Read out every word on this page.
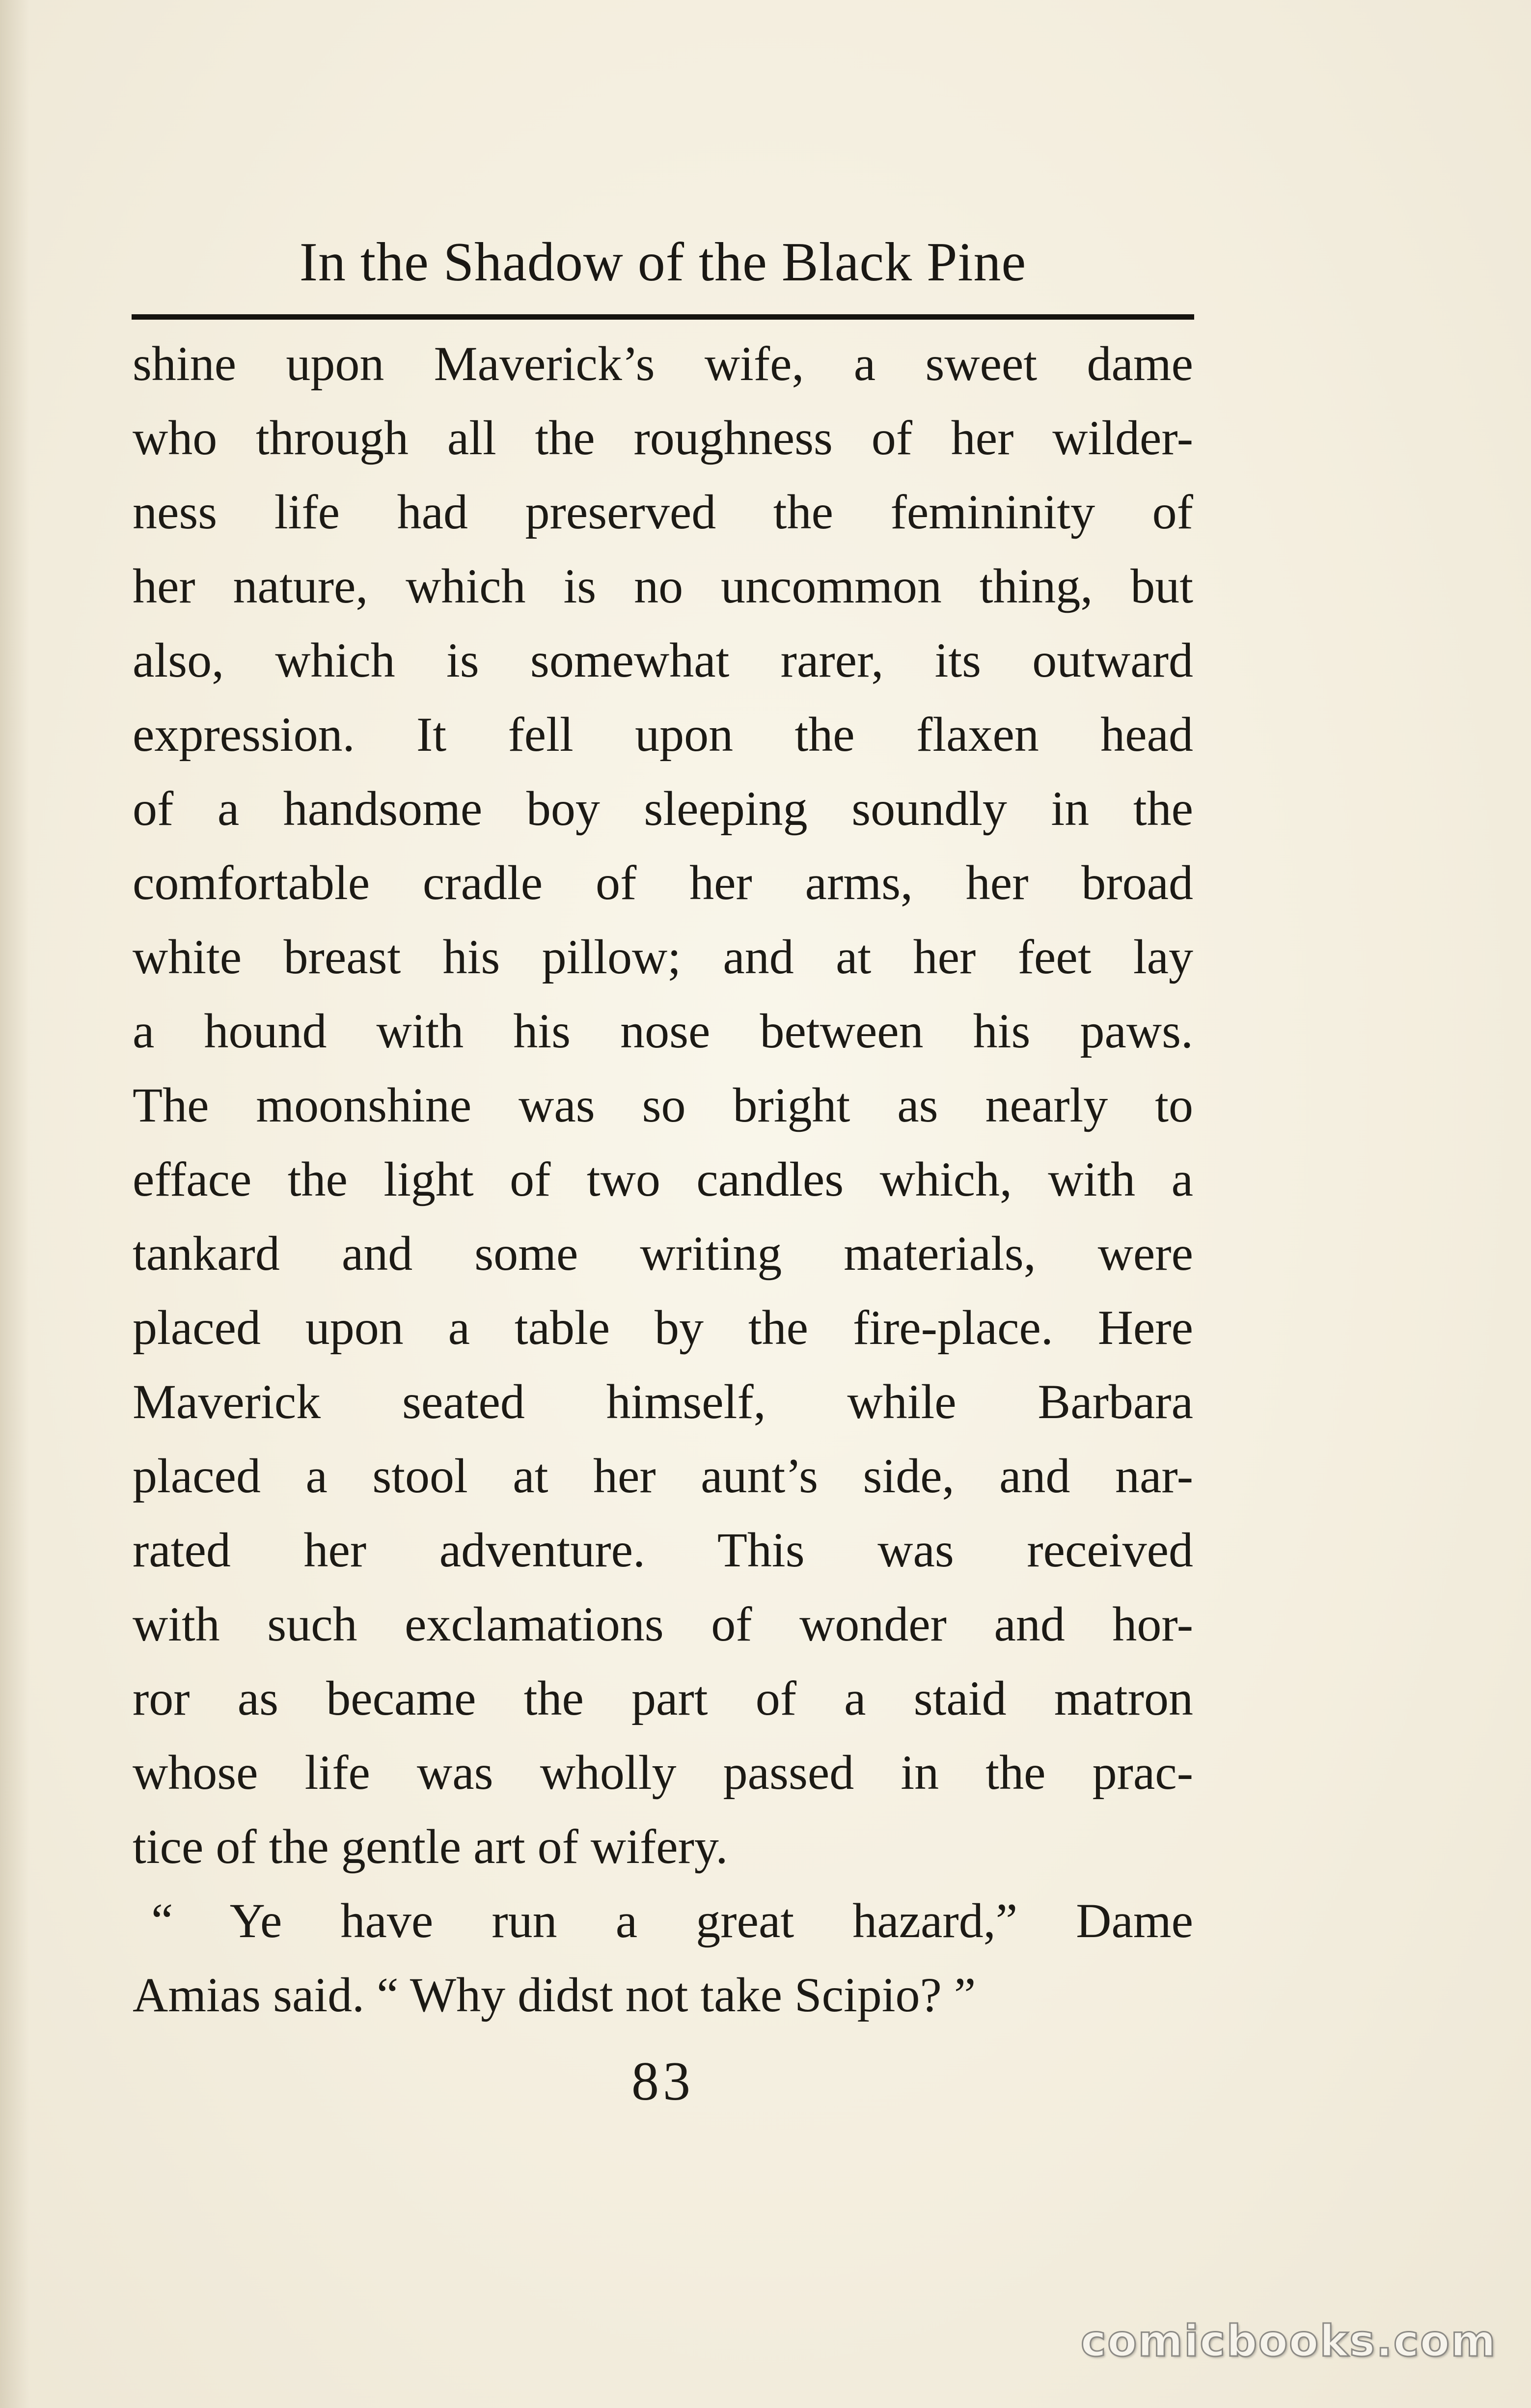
In the Shadow of the Black Pine
shine upon Maverick’s wife, a sweet dame
who through all the roughness of her wilder-
ness life had preserved the femininity of
her nature, which is no uncommon thing, but
also, which is somewhat rarer, its outward
expression. It fell upon the flaxen head
of a handsome boy sleeping soundly in the
comfortable cradle of her arms, her broad
white breast his pillow; and at her feet lay
a hound with his nose between his paws.
The moonshine was so bright as nearly to
efface the light of two candles which, with a
tankard and some writing materials, were
placed upon a table by the fire-place. Here
Maverick seated himself, while Barbara
placed a stool at her aunt’s side, and nar-
rated her adventure. This was received
with such exclamations of wonder and hor-
ror as became the part of a staid matron
whose life was wholly passed in the prac-
tice of the gentle art of wifery.
“ Ye have run a great hazard,” Dame
Amias said. “ Why didst not take Scipio? ”
83
comicbooks.com
